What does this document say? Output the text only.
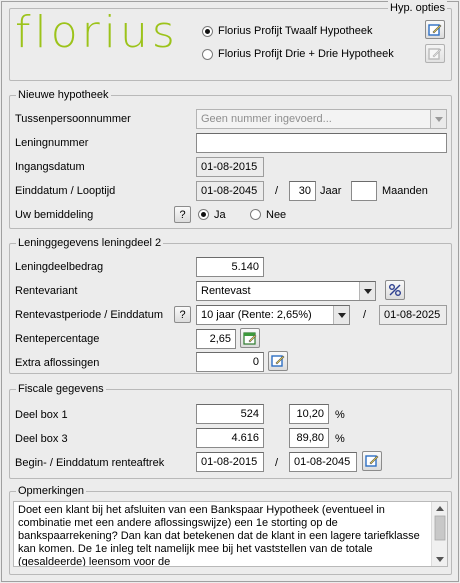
Hyp. opties
florius	Florius Profijt Twaalf Hypotheek
Florius Profijt Drie + Drie Hypotheek
Nieuwe hypotheek
Tussenpersoonnummer	Geen nummer ingevoerd...
Leningnummer
Ingangsdatum	01-08-2015
Einddatum / Looptijd	01-08-2045	/	30 Jaar	Maanden
Uw bemiddeling	?	Ja	Nee
Leninggegevens leningdeel 2
Leningdeelbedrag	5.140
Rentevariant	Rentevast
Rentevastperiode / Einddatum	?	10 jaar (Rente: 2,65%)	/	01-08-2025
Rentepercentage	2,65
Extra aflossingen	0
Fiscale gegevens
Deel box 1	524	10,20	%
Deel box 3	4.616	89,80	%
Begin- / Einddatum renteaftrek	01-08-2015	/	01-08-2045
Opmerkingen
Doet een klant bij het afsluiten van een Bankspaar Hypotheek (eventueel in combinatie met een andere aflossingswijze) een 1e storting op de bankspaarrekening? Dan kan dat betekenen dat de klant in een lagere tariefklasse kan komen. De 1e inleg telt namelijk mee bij het vaststellen van de totale (gesaldeerde) leensom voor de
